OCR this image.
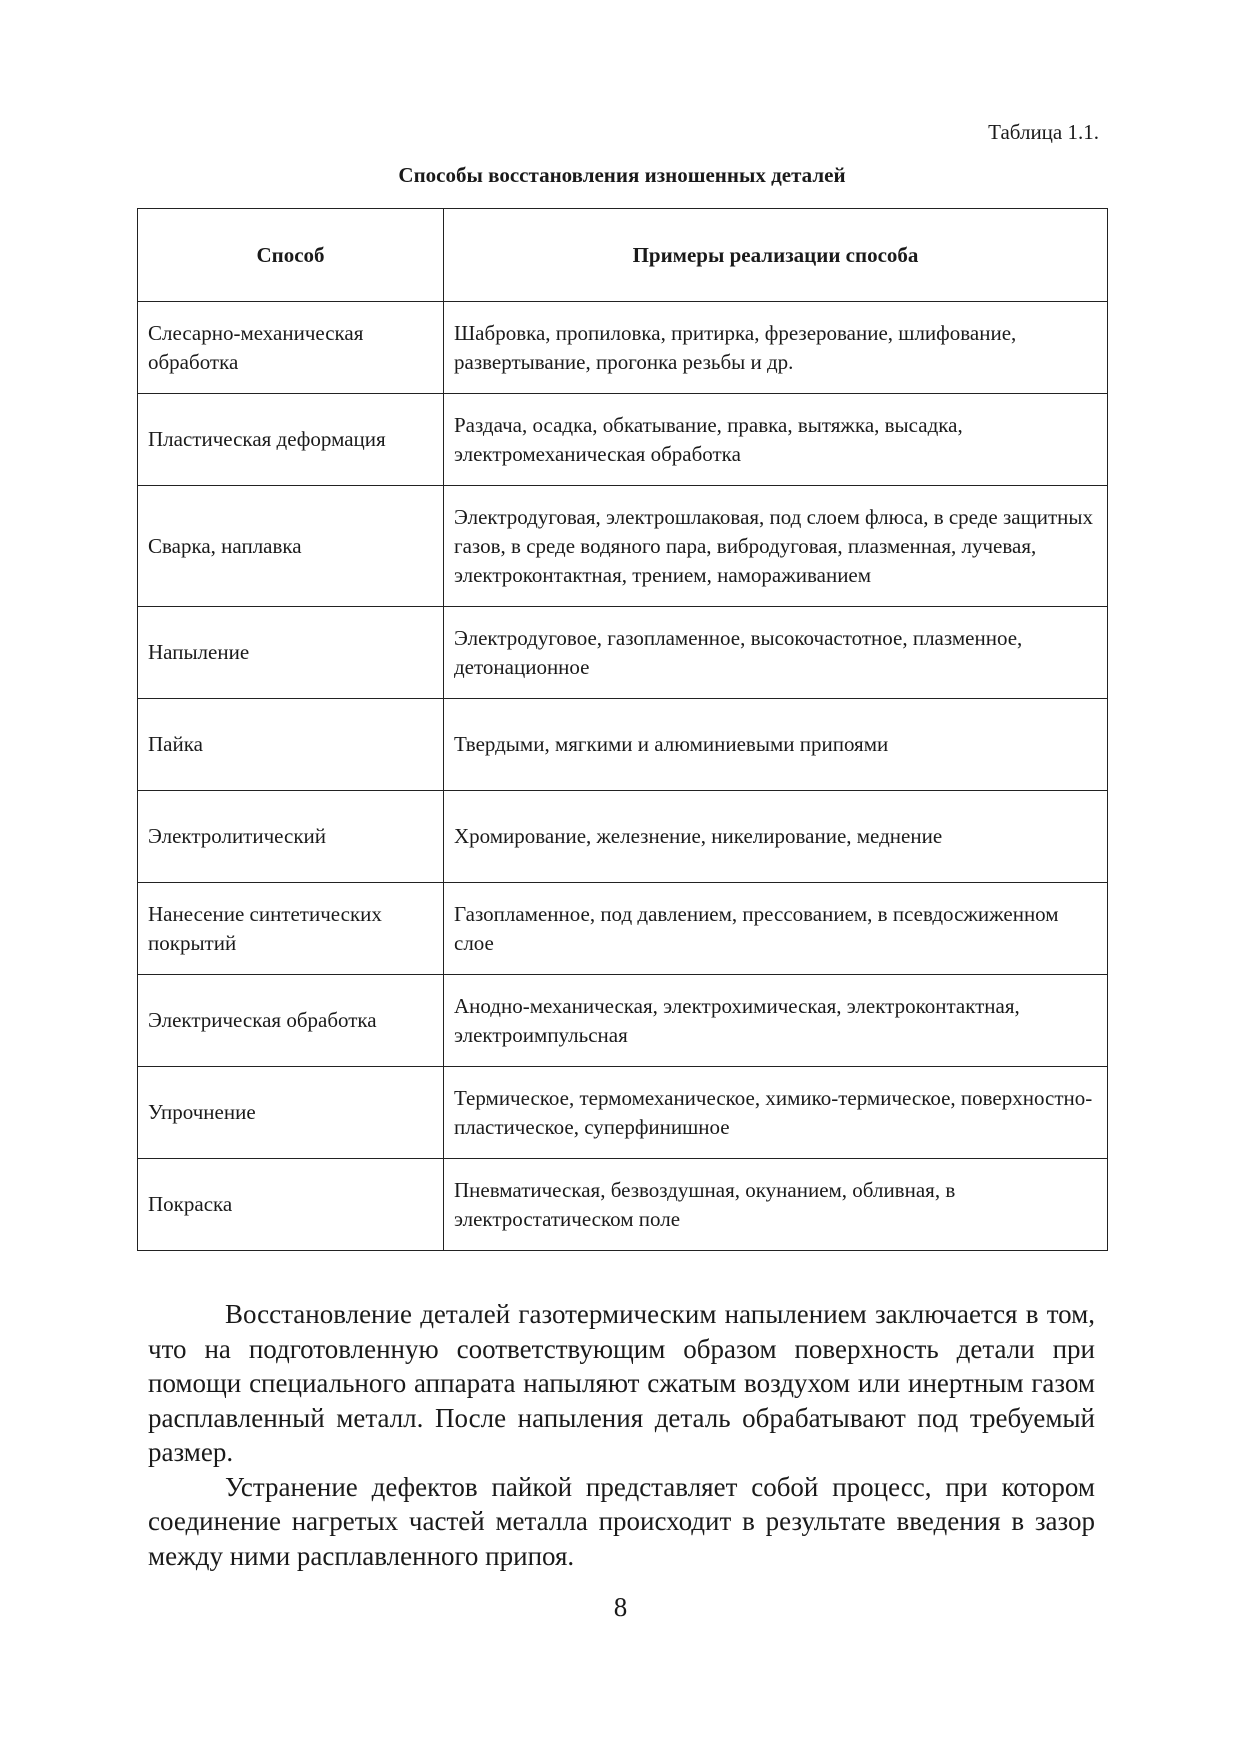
Таблица 1.1.
Способы восстановления изношенных деталей
Способ	Примеры реализации способа
Слесарно-механическая обработка	Шабровка, пропиловка, притирка, фрезерование, шлифование, развертывание, прогонка резьбы и др.
Пластическая деформация	Раздача, осадка, обкатывание, правка, вытяжка, высадка, электромеханическая обработка
Сварка, наплавка	Электродуговая, электрошлаковая, под слоем флюса, в среде защитных газов, в среде водяного пара, вибродуговая, плазменная, лучевая, электроконтактная, трением, намораживанием
Напыление	Электродуговое, газопламенное, высокочастотное, плазменное, детонационное
Пайка	Твердыми, мягкими и алюминиевыми припоями
Электролитический	Хромирование, железнение, никелирование, меднение
Нанесение синтетических покрытий	Газопламенное, под давлением, прессованием, в псевдосжиженном слое
Электрическая обработка	Анодно-механическая, электрохимическая, электроконтактная, электроимпульсная
Упрочнение	Термическое, термомеханическое, химико-термическое, поверхностно-пластическое, суперфинишное
Покраска	Пневматическая, безвоздушная, окунанием, обливная, в электростатическом поле

Восстановление деталей газотермическим напылением заключается в том, что на подготовленную соответствующим образом поверхность детали при помощи специального аппарата напыляют сжатым воздухом или инертным газом расплавленный металл. После напыления деталь обрабатывают под требуемый размер.

Устранение дефектов пайкой представляет собой процесс, при котором соединение нагретых частей металла происходит в результате введения в зазор между ними расплавленного припоя.

8
